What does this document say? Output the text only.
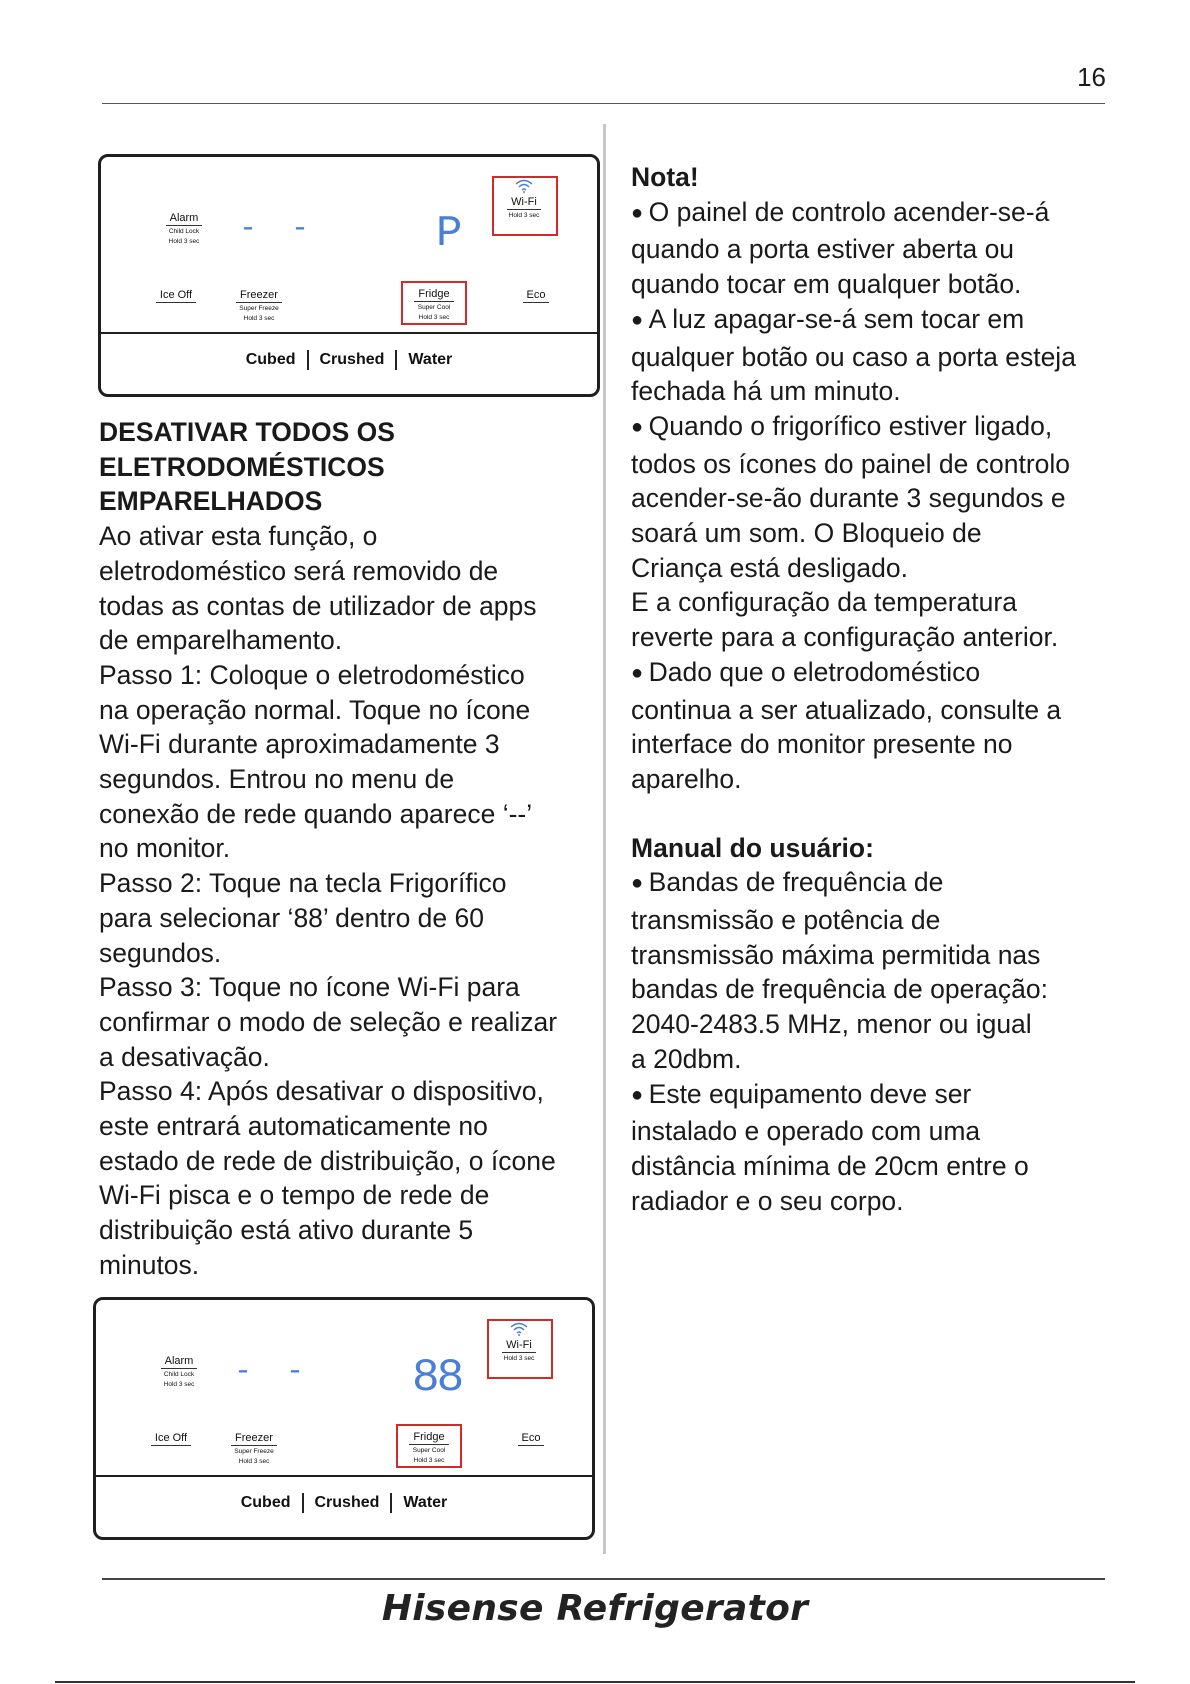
16
Alarm
Child Lock
Hold 3 sec	- -	P

Wi-Fi
Hold 3 sec
Ice Off	Freezer
Super Freeze
Hold 3 sec
Fridge
Super Cool
Hold 3 sec
Eco
Cubed Crushed Water

DESATIVAR TODOS OS

ELETRODOMÉSTICOS

EMPARELHADOS

Ao ativar esta função, o

eletrodoméstico será removido de

todas as contas de utilizador de apps

de emparelhamento.

Passo 1: Coloque o eletrodoméstico

na operação normal. Toque no ícone

Wi-Fi durante aproximadamente 3

segundos. Entrou no menu de

conexão de rede quando aparece ‘--’

no monitor.

Passo 2: Toque na tecla Frigorífico

para selecionar ‘88’ dentro de 60

segundos.

Passo 3: Toque no ícone Wi-Fi para

confirmar o modo de seleção e realizar

a desativação.

Passo 4: Após desativar o dispositivo,

este entrará automaticamente no

estado de rede de distribuição, o ícone

Wi-Fi pisca e o tempo de rede de

distribuição está ativo durante 5

minutos.

Alarm
Child Lock
Hold 3 sec	- - 88

Wi-Fi
Hold 3 sec
Ice Off	Freezer
Super Freeze
Hold 3 sec
Fridge
Super Cool
Hold 3 sec
Eco
Cubed Crushed Water

Nota!

● O painel de controlo acender-se-á

quando a porta estiver aberta ou

quando tocar em qualquer botão.

● A luz apagar-se-á sem tocar em

qualquer botão ou caso a porta esteja

fechada há um minuto.

● Quando o frigorífico estiver ligado,

todos os ícones do painel de controlo

acender-se-ão durante 3 segundos e

soará um som. O Bloqueio de

Criança está desligado.

E a configuração da temperatura

reverte para a configuração anterior.

● Dado que o eletrodoméstico

continua a ser atualizado, consulte a

interface do monitor presente no

aparelho.

Manual do usuário:

● Bandas de frequência de

transmissão e potência de

transmissão máxima permitida nas

bandas de frequência de operação:

2040-2483.5 MHz, menor ou igual

a 20dbm.

● Este equipamento deve ser

instalado e operado com uma

distância mínima de 20cm entre o

radiador e o seu corpo.

Hisense Refrigerator
